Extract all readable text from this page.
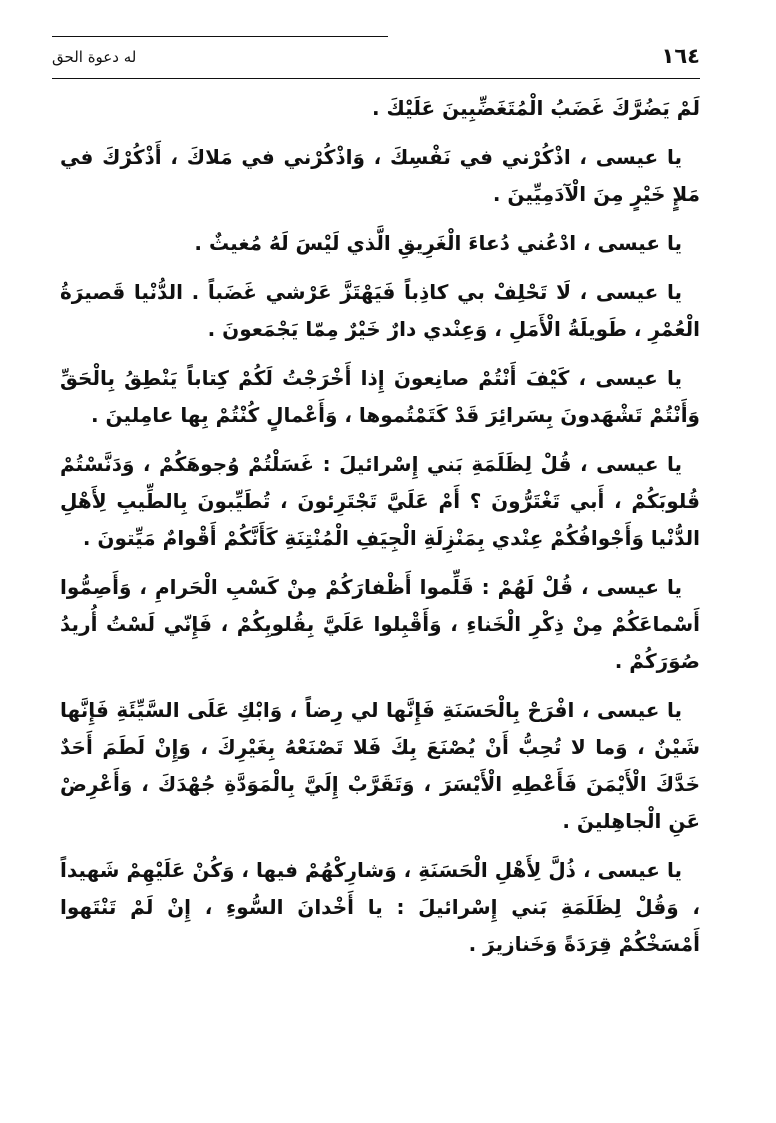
١٦٤
له دعوة الحق

لَمْ يَضُرَّكَ غَضَبُ الْمُتَغَضِّبِينَ عَلَيْكَ .

يا عيسى ، اذْكُرْني في نَفْسِكَ ، وَاذْكُرْني في مَلاكَ ، أَذْكُرْكَ في مَلإٍ خَيْرٍ مِنَ الْآدَمِيِّينَ .

يا عيسى ، ادْعُني دُعاءَ الْغَرِيقِ الَّذي لَيْسَ لَهُ مُغيثٌ .

يا عيسى ، لَا تَحْلِفْ بي كاذِباً فَيَهْتَزَّ عَرْشي غَضَباً . الدُّنْيا قَصيرَةُ الْعُمْرِ ، طَويلَةُ الْأَمَلِ ، وَعِنْدي دارٌ خَيْرٌ مِمّا يَجْمَعونَ .

يا عيسى ، كَيْفَ أَنْتُمْ صانِعونَ إِذا أَخْرَجْتُ لَكُمْ كِتاباً يَنْطِقُ بِالْحَقِّ وَأَنْتُمْ تَشْهَدونَ بِسَرائِرَ قَدْ كَتَمْتُموها ، وَأَعْمالٍ كُنْتُمْ بِها عامِلينَ .

يا عيسى ، قُلْ لِظَلَمَةِ بَني إِسْرائيلَ : غَسَلْتُمْ وُجوهَكُمْ ، وَدَنَّسْتُمْ قُلوبَكُمْ ، أَبي تَغْتَرُّونَ ؟ أَمْ عَلَيَّ تَجْتَرِئونَ ، تُطَيِّبونَ بِالطِّيبِ لِأَهْلِ الدُّنْيا وَأَجْوافُكُمْ عِنْدي بِمَنْزِلَةِ الْجِيَفِ الْمُنْتِنَةِ كَأَنَّكُمْ أَقْوامٌ مَيِّتونَ .

يا عيسى ، قُلْ لَهُمْ : قَلِّموا أَظْفارَكُمْ مِنْ كَسْبِ الْحَرامِ ، وَأَصِمُّوا أَسْماعَكُمْ مِنْ ذِكْرِ الْخَناءِ ، وَأَقْبِلوا عَلَيَّ بِقُلوبِكُمْ ، فَإِنّي لَسْتُ أُريدُ صُوَرَكُمْ .

يا عيسى ، افْرَحْ بِالْحَسَنَةِ فَإِنَّها لي رِضاً ، وَابْكِ عَلَى السَّيِّئَةِ فَإِنَّها شَيْنٌ ، وَما لا تُحِبُّ أَنْ يُصْنَعَ بِكَ فَلا تَصْنَعْهُ بِغَيْرِكَ ، وَإِنْ لَطَمَ أَحَدٌ خَدَّكَ الْأَيْمَنَ فَأَعْطِهِ الْأَيْسَرَ ، وَتَقَرَّبْ إِلَيَّ بِالْمَوَدَّةِ جُهْدَكَ ، وَأَعْرِضْ عَنِ الْجاهِلينَ .

يا عيسى ، ذُلَّ لِأَهْلِ الْحَسَنَةِ ، وَشارِكْهُمْ فيها ، وَكُنْ عَلَيْهِمْ شَهيداً ، وَقُلْ لِظَلَمَةِ بَني إِسْرائيلَ : يا أَخْدانَ السُّوءِ ، إِنْ لَمْ تَنْتَهوا أَمْسَخْكُمْ قِرَدَةً وَخَنازيرَ .
